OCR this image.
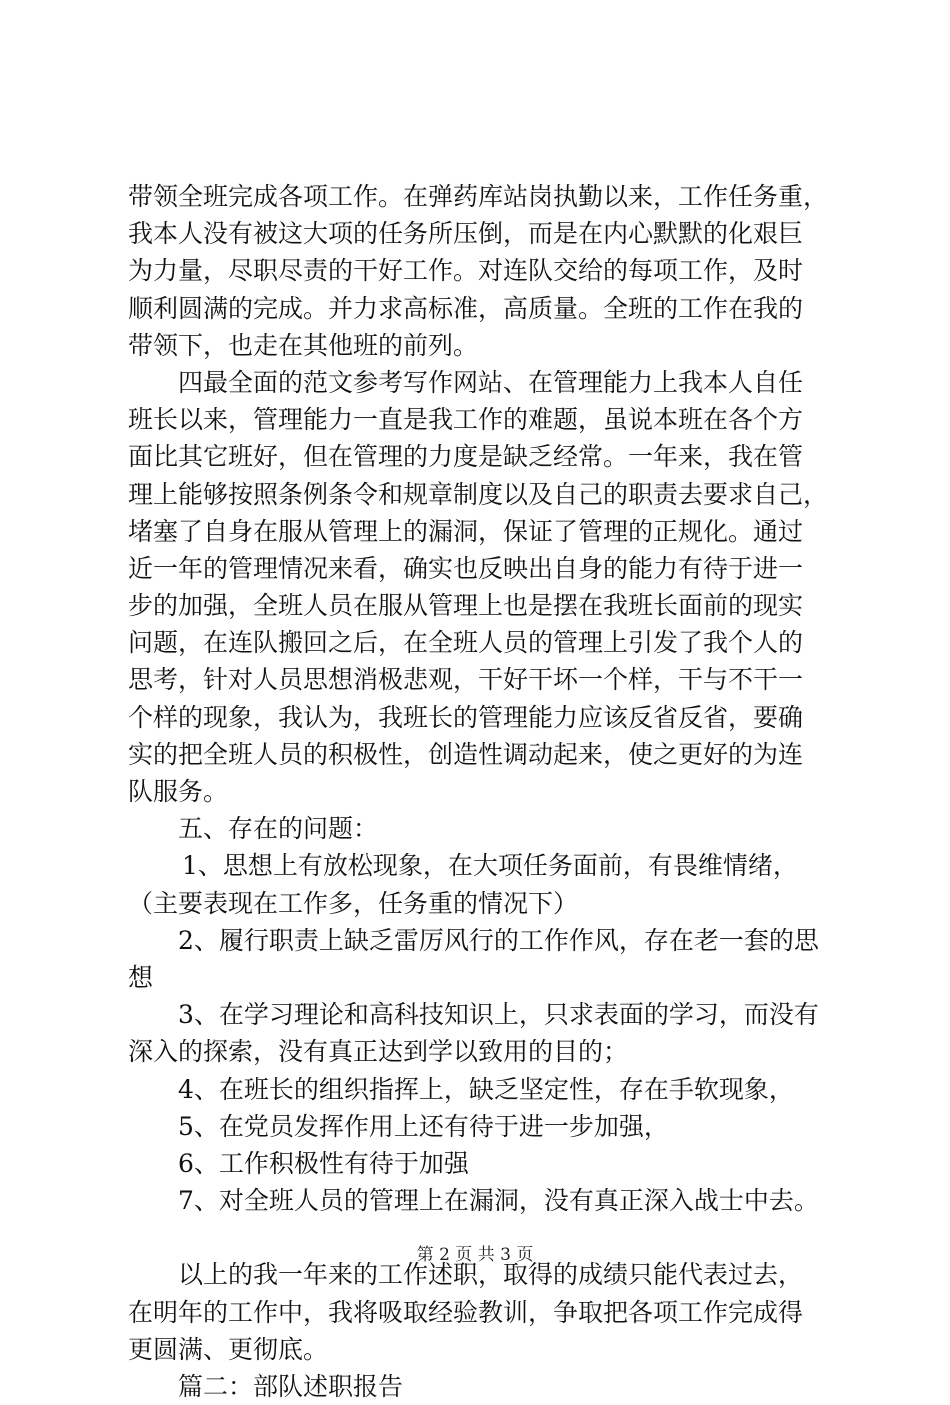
带领全班完成各项工作。在弹药库站岗执勤以来，工作任务重，
我本人没有被这大项的任务所压倒，而是在内心默默的化艰巨
为力量，尽职尽责的干好工作。对连队交给的每项工作，及时
顺利圆满的完成。并力求高标准，高质量。全班的工作在我的
带领下，也走在其他班的前列。
四最全面的范文参考写作网站、在管理能力上我本人自任
班长以来，管理能力一直是我工作的难题，虽说本班在各个方
面比其它班好，但在管理的力度是缺乏经常。一年来，我在管
理上能够按照条例条令和规章制度以及自己的职责去要求自己，
堵塞了自身在服从管理上的漏洞，保证了管理的正规化。通过
近一年的管理情况来看，确实也反映出自身的能力有待于进一
步的加强，全班人员在服从管理上也是摆在我班长面前的现实
问题，在连队搬回之后，在全班人员的管理上引发了我个人的
思考，针对人员思想消极悲观，干好干坏一个样，干与不干一
个样的现象，我认为，我班长的管理能力应该反省反省，要确
实的把全班人员的积极性，创造性调动起来，使之更好的为连
队服务。
五、存在的问题：
1、思想上有放松现象，在大项任务面前，有畏维情绪，
（主要表现在工作多，任务重的情况下）
2、履行职责上缺乏雷厉风行的工作作风，存在老一套的思
想
3、在学习理论和高科技知识上，只求表面的学习，而没有
深入的探索，没有真正达到学以致用的目的；
4、在班长的组织指挥上，缺乏坚定性，存在手软现象，
5、在党员发挥作用上还有待于进一步加强，
6、工作积极性有待于加强
7、对全班人员的管理上在漏洞，没有真正深入战士中去。
以上的我一年来的工作述职，取得的成绩只能代表过去，
在明年的工作中，我将吸取经验教训，争取把各项工作完成得
更圆满、更彻底。
篇二：部队述职报告
第 2 页 共 3 页
